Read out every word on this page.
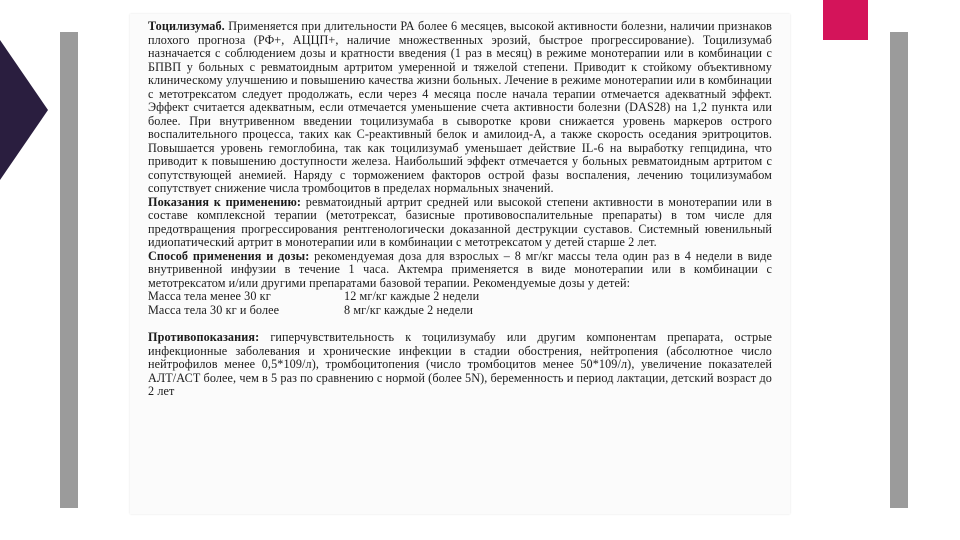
Тоцилизумаб. Применяется при длительности РА более 6 месяцев, высокой активности болезни, наличии признаков плохого прогноза (РФ+, АЦЦП+, наличие множественных эрозий, быстрое прогрессирование). Тоцилизумаб назначается с соблюдением дозы и кратности введения (1 раз в месяц) в режиме монотерапии или в комбинации с БПВП у больных с ревматоидным артритом умеренной и тяжелой степени. Приводит к стойкому объективному клиническому улучшению и повышению качества жизни больных. Лечение в режиме монотерапии или в комбинации с метотрексатом следует продолжать, если через 4 месяца после начала терапии отмечается адекватный эффект. Эффект считается адекватным, если отмечается уменьшение счета активности болезни (DAS28) на 1,2 пункта или более. При внутривенном введении тоцилизумаба в сыворотке крови снижается уровень маркеров острого воспалительного процесса, таких как С-реактивный белок и амилоид-А, а также скорость оседания эритроцитов. Повышается уровень гемоглобина, так как тоцилизумаб уменьшает действие IL-6 на выработку гепцидина, что приводит к повышению доступности железа. Наибольший эффект отмечается у больных ревматоидным артритом с сопутствующей анемией. Наряду с торможением факторов острой фазы воспаления, лечению тоцилизумабом сопутствует снижение числа тромбоцитов в пределах нормальных значений.

Показания к применению: ревматоидный артрит средней или высокой степени активности в монотерапии или в составе комплексной терапии (метотрексат, базисные противовоспалительные препараты) в том числе для предотвращения прогрессирования рентгенологически доказанной деструкции суставов. Системный ювенильный идиопатический артрит в монотерапии или в комбинации с метотрексатом у детей старше 2 лет.

Способ применения и дозы: рекомендуемая доза для взрослых – 8 мг/кг массы тела один раз в 4 недели в виде внутривенной инфузии в течение 1 часа. Актемра применяется в виде монотерапии или в комбинации с метотрексатом и/или другими препаратами базовой терапии. Рекомендуемые дозы у детей:

Масса тела менее 30 кг	12 мг/кг каждые 2 недели
Масса тела 30 кг и более	8 мг/кг каждые 2 недели

Противопоказания: гиперчувствительность к тоцилизумабу или другим компонентам препарата, острые инфекционные заболевания и хронические инфекции в стадии обострения, нейтропения (абсолютное число нейтрофилов менее 0,5*109/л), тромбоцитопения (число тромбоцитов менее 50*109/л), увеличение показателей АЛТ/АСТ более, чем в 5 раз по сравнению с нормой (более 5N), беременность и период лактации, детский возраст до 2 лет
